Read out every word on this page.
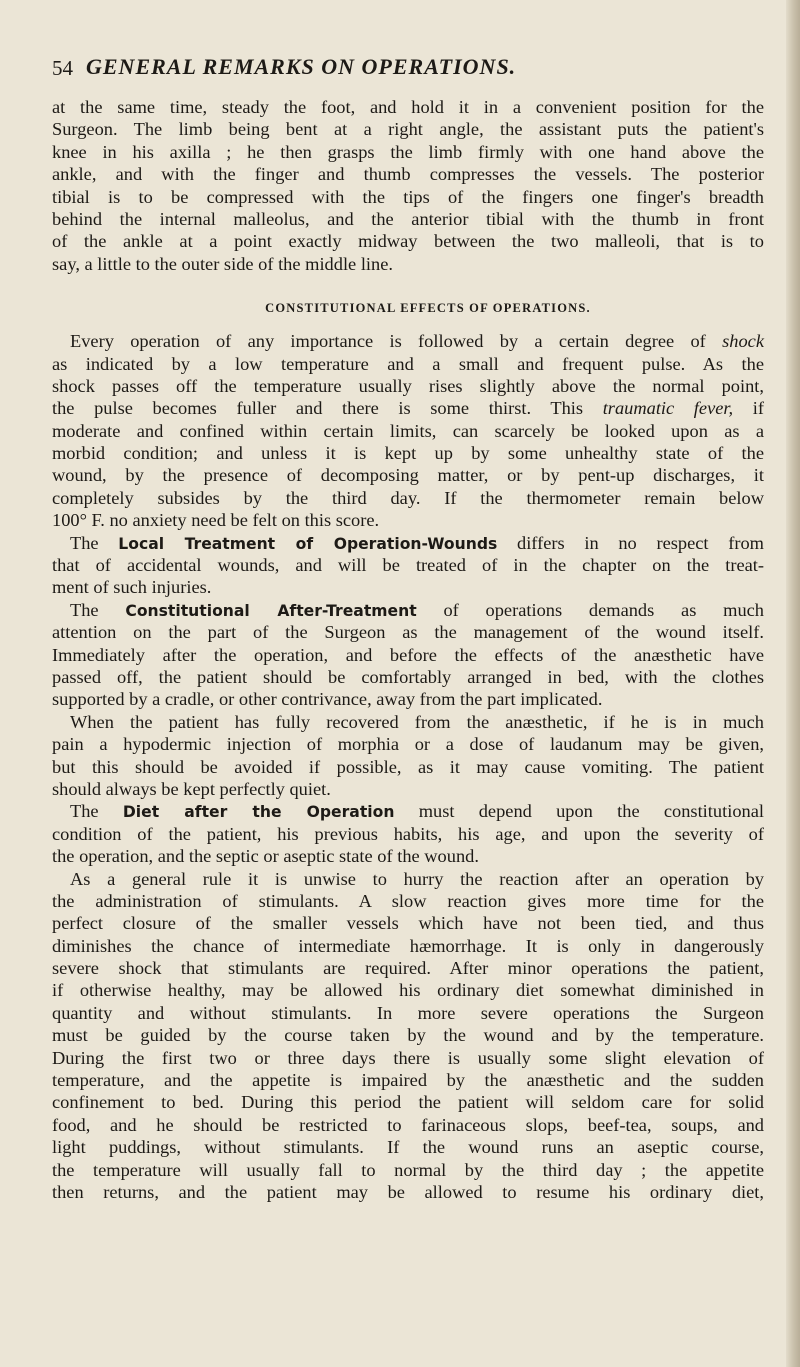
54 GENERAL REMARKS ON OPERATIONS.
at the same time, steady the foot, and hold it in a convenient position for the
Surgeon. The limb being bent at a right angle, the assistant puts the patient's
knee in his axilla ; he then grasps the limb firmly with one hand above the
ankle, and with the finger and thumb compresses the vessels. The posterior
tibial is to be compressed with the tips of the fingers one finger's breadth
behind the internal malleolus, and the anterior tibial with the thumb in front
of the ankle at a point exactly midway between the two malleoli, that is to
say, a little to the outer side of the middle line.
CONSTITUTIONAL EFFECTS OF OPERATIONS.
Every operation of any importance is followed by a certain degree of shock
as indicated by a low temperature and a small and frequent pulse. As the
shock passes off the temperature usually rises slightly above the normal point,
the pulse becomes fuller and there is some thirst. This traumatic fever, if
moderate and confined within certain limits, can scarcely be looked upon as a
morbid condition; and unless it is kept up by some unhealthy state of the
wound, by the presence of decomposing matter, or by pent-up discharges, it
completely subsides by the third day. If the thermometer remain below
100° F. no anxiety need be felt on this score.
The Local Treatment of Operation-Wounds differs in no respect from
that of accidental wounds, and will be treated of in the chapter on the treat-
ment of such injuries.
The Constitutional After-Treatment of operations demands as much
attention on the part of the Surgeon as the management of the wound itself.
Immediately after the operation, and before the effects of the anæsthetic have
passed off, the patient should be comfortably arranged in bed, with the clothes
supported by a cradle, or other contrivance, away from the part implicated.
When the patient has fully recovered from the anæsthetic, if he is in much
pain a hypodermic injection of morphia or a dose of laudanum may be given,
but this should be avoided if possible, as it may cause vomiting. The patient
should always be kept perfectly quiet.
The Diet after the Operation must depend upon the constitutional
condition of the patient, his previous habits, his age, and upon the severity of
the operation, and the septic or aseptic state of the wound.
As a general rule it is unwise to hurry the reaction after an operation by
the administration of stimulants. A slow reaction gives more time for the
perfect closure of the smaller vessels which have not been tied, and thus
diminishes the chance of intermediate hæmorrhage. It is only in dangerously
severe shock that stimulants are required. After minor operations the patient,
if otherwise healthy, may be allowed his ordinary diet somewhat diminished in
quantity and without stimulants. In more severe operations the Surgeon
must be guided by the course taken by the wound and by the temperature.
During the first two or three days there is usually some slight elevation of
temperature, and the appetite is impaired by the anæsthetic and the sudden
confinement to bed. During this period the patient will seldom care for solid
food, and he should be restricted to farinaceous slops, beef-tea, soups, and
light puddings, without stimulants. If the wound runs an aseptic course,
the temperature will usually fall to normal by the third day ; the appetite
then returns, and the patient may be allowed to resume his ordinary diet,
